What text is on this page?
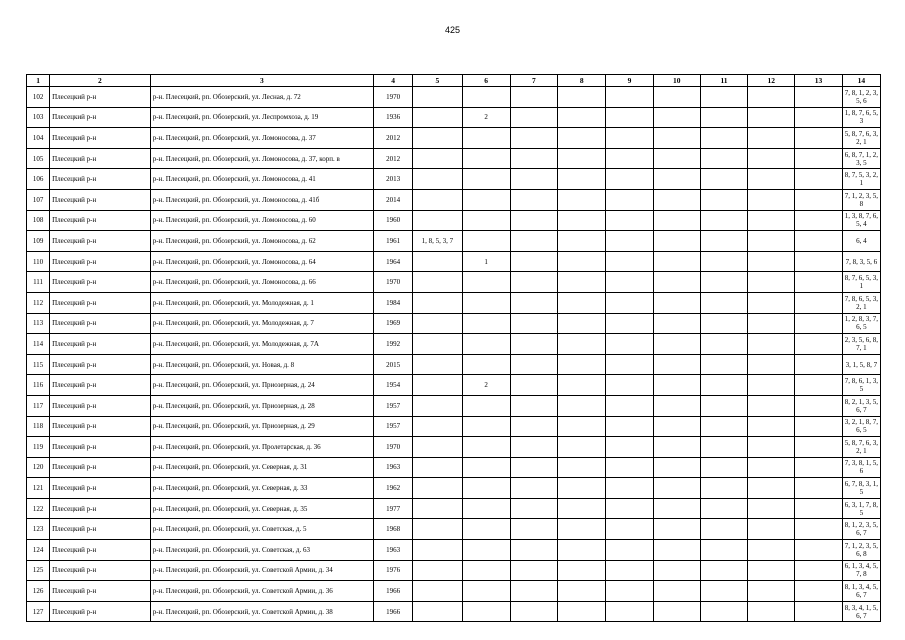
425
1	2	3	4	5	6	7	8	9	10	11	12	13	14
102	Плесецкий р-н	р-н. Плесецкий, рп. Обозерский, ул. Лесная, д. 72	1970										7, 8, 1, 2, 3, 5, 6
103	Плесецкий р-н	р-н. Плесецкий, рп. Обозерский, ул. Леспромхоза, д. 19	1936		2								1, 8, 7, 6, 5, 3
104	Плесецкий р-н	р-н. Плесецкий, рп. Обозерский, ул. Ломоносова, д. 37	2012										5, 8, 7, 6, 3, 2, 1
105	Плесецкий р-н	р-н. Плесецкий, рп. Обозерский, ул. Ломоносова, д. 37, корп. в	2012										6, 8, 7, 1, 2, 3, 5
106	Плесецкий р-н	р-н. Плесецкий, рп. Обозерский, ул. Ломоносова, д. 41	2013										8, 7, 5, 3, 2, 1
107	Плесецкий р-н	р-н. Плесецкий, рп. Обозерский, ул. Ломоносова, д. 41б	2014										7, 1, 2, 3, 5, 8
108	Плесецкий р-н	р-н. Плесецкий, рп. Обозерский, ул. Ломоносова, д. 60	1960										1, 3, 8, 7, 6, 5, 4
109	Плесецкий р-н	р-н. Плесецкий, рп. Обозерский, ул. Ломоносова, д. 62	1961	1, 8, 5, 3, 7									6, 4
110	Плесецкий р-н	р-н. Плесецкий, рп. Обозерский, ул. Ломоносова, д. 64	1964		1								7, 8, 3, 5, 6
111	Плесецкий р-н	р-н. Плесецкий, рп. Обозерский, ул. Ломоносова, д. 66	1970										8, 7, 6, 5, 3, 1
112	Плесецкий р-н	р-н. Плесецкий, рп. Обозерский, ул. Молодежная, д. 1	1984										7, 8, 6, 5, 3, 2, 1
113	Плесецкий р-н	р-н. Плесецкий, рп. Обозерский, ул. Молодежная, д. 7	1969										1, 2, 8, 3, 7, 6, 5
114	Плесецкий р-н	р-н. Плесецкий, рп. Обозерский, ул. Молодежная, д. 7А	1992										2, 3, 5, 6, 8, 7, 1
115	Плесецкий р-н	р-н. Плесецкий, рп. Обозерский, ул. Новая, д. 8	2015										3, 1, 5, 8, 7
116	Плесецкий р-н	р-н. Плесецкий, рп. Обозерский, ул. Приозерная, д. 24	1954		2								7, 8, 6, 1, 3, 5
117	Плесецкий р-н	р-н. Плесецкий, рп. Обозерский, ул. Приозерная, д. 28	1957										8, 2, 1, 3, 5, 6, 7
118	Плесецкий р-н	р-н. Плесецкий, рп. Обозерский, ул. Приозерная, д. 29	1957										3, 2, 1, 8, 7, 6, 5
119	Плесецкий р-н	р-н. Плесецкий, рп. Обозерский, ул. Пролетарская, д. 36	1970										5, 8, 7, 6, 3, 2, 1
120	Плесецкий р-н	р-н. Плесецкий, рп. Обозерский, ул. Северная, д. 31	1963										7, 3, 8, 1, 5, 6
121	Плесецкий р-н	р-н. Плесецкий, рп. Обозерский, ул. Северная, д. 33	1962										6, 7, 8, 3, 1, 5
122	Плесецкий р-н	р-н. Плесецкий, рп. Обозерский, ул. Северная, д. 35	1977										6, 3, 1, 7, 8, 5
123	Плесецкий р-н	р-н. Плесецкий, рп. Обозерский, ул. Советская, д. 5	1968										8, 1, 2, 3, 5, 6, 7
124	Плесецкий р-н	р-н. Плесецкий, рп. Обозерский, ул. Советская, д. 63	1963										7, 1, 2, 3, 5, 6, 8
125	Плесецкий р-н	р-н. Плесецкий, рп. Обозерский, ул. Советской Армии, д. 34	1976										6, 1, 3, 4, 5, 7, 8
126	Плесецкий р-н	р-н. Плесецкий, рп. Обозерский, ул. Советской Армии, д. 36	1966										8, 1, 3, 4, 5, 6, 7
127	Плесецкий р-н	р-н. Плесецкий, рп. Обозерский, ул. Советской Армии, д. 38	1966										8, 3, 4, 1, 5, 6, 7
